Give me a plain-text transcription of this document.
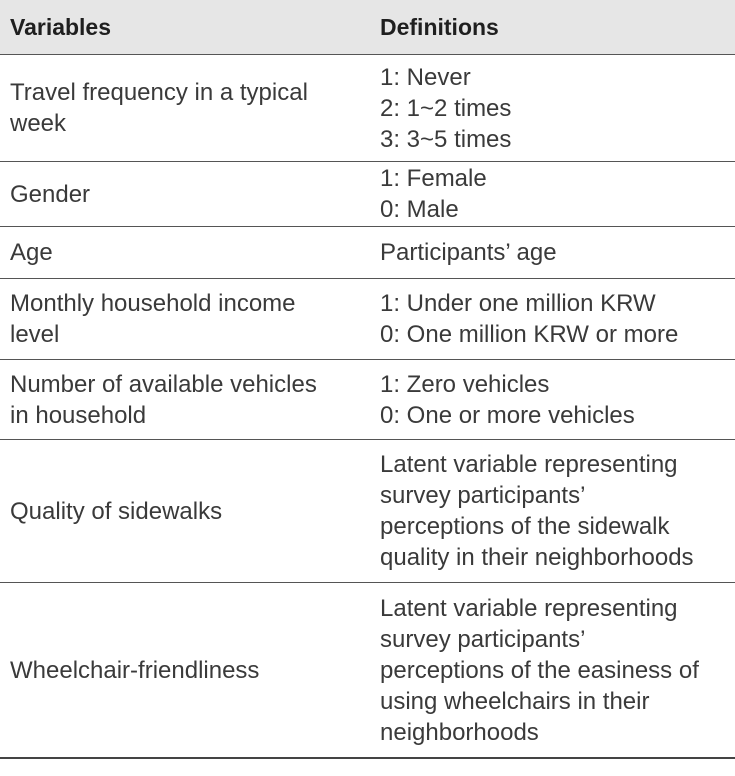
Variables	Definitions
Travel frequency in a typical
week
1: Never
2: 1~2 times
3: 3~5 times
Gender
1: Female
0: Male
Age	Participants’ age
Monthly household income
level
1: Under one million KRW
0: One million KRW or more
Number of available vehicles
in household
1: Zero vehicles
0: One or more vehicles
Quality of sidewalks
Latent variable representing
survey participants’
perceptions of the sidewalk
quality in their neighborhoods
Wheelchair-friendliness
Latent variable representing
survey participants’
perceptions of the easiness of
using wheelchairs in their
neighborhoods
